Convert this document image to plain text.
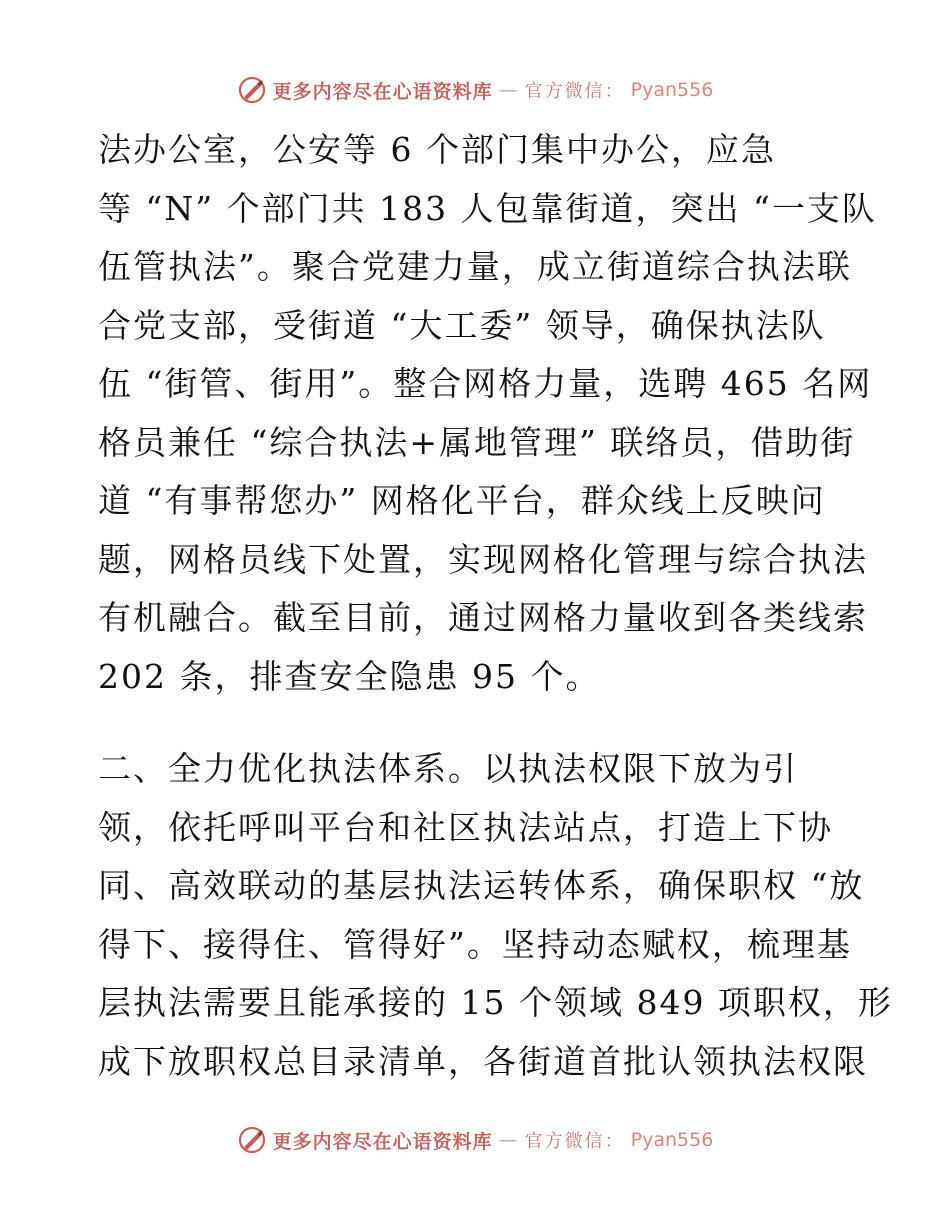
更多内容尽在心语资料库 — 官方微信： Pyan556
法办公室，公安等 6 个部门集中办公，应急
等 “N” 个部门共 183 人包靠街道，突出 “一支队
伍管执法”。聚合党建力量，成立街道综合执法联
合党支部，受街道 “大工委” 领导，确保执法队
伍 “街管、街用”。整合网格力量，选聘 465 名网
格员兼任 “综合执法+属地管理” 联络员，借助街
道 “有事帮您办” 网格化平台，群众线上反映问
题，网格员线下处置，实现网格化管理与综合执法
有机融合。截至目前，通过网格力量收到各类线索
202 条，排查安全隐患 95 个。
二、全力优化执法体系。以执法权限下放为引
领，依托呼叫平台和社区执法站点，打造上下协
同、高效联动的基层执法运转体系，确保职权 “放
得下、接得住、管得好”。坚持动态赋权，梳理基
层执法需要且能承接的 15 个领域 849 项职权，形
成下放职权总目录清单，各街道首批认领执法权限
更多内容尽在心语资料库 — 官方微信： Pyan556
